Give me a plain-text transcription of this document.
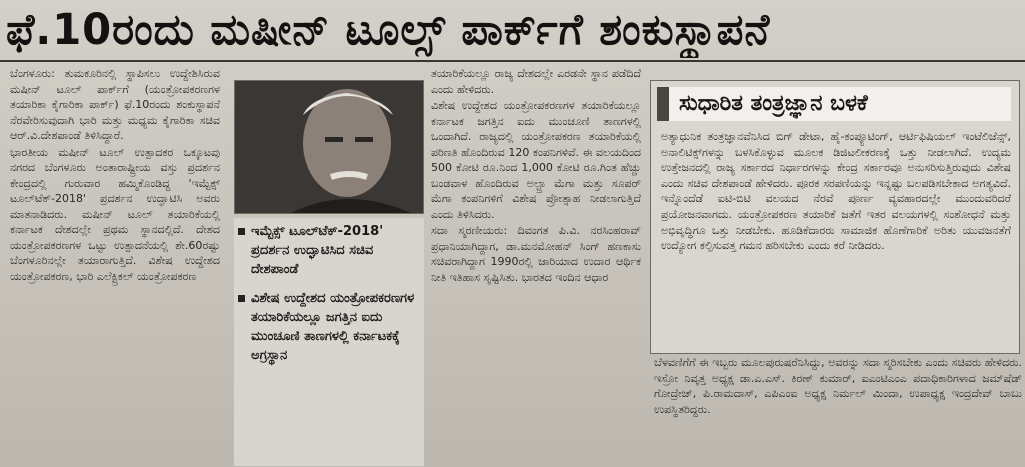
ಫೆ.10ರಂದು ಮಷೀನ್ ಟೂಲ್ಸ್ ಪಾರ್ಕ್‌ಗೆ ಶಂಕುಸ್ಥಾಪನೆ

ಬೆಂಗಳೂರು: ತುಮಕೂರಿನಲ್ಲಿ ಸ್ಥಾಪಿಸಲು ಉದ್ದೇಶಿಸಿರುವ ಮಷೀನ್ ಟೂಲ್ ಪಾರ್ಕ್‌ಗೆ (ಯಂತ್ರೋಪಕರಣಗಳ ತಯಾರಿಕಾ ಕೈಗಾರಿಕಾ ಪಾರ್ಕ್) ಫೆ.10ರಂದು ಶಂಕುಸ್ಥಾಪನೆ ನೆರವೇರಿಸುವುದಾಗಿ ಭಾರಿ ಮತ್ತು ಮಧ್ಯಮ ಕೈಗಾರಿಕಾ ಸಚಿವ ಆರ್.ವಿ.ದೇಶಪಾಂಡೆ ತಿಳಿಸಿದ್ದಾರೆ.

ಭಾರತೀಯ ಮಷೀನ್ ಟೂಲ್ ಉತ್ಪಾದಕರ ಒಕ್ಕೂಟವು ನಗರದ ಬೆಂಗಳೂರು ಅಂತಾರಾಷ್ಟ್ರೀಯ ವಸ್ತು ಪ್ರದರ್ಶನ ಕೇಂದ್ರದಲ್ಲಿ ಗುರುವಾರ ಹಮ್ಮಿಕೊಂಡಿದ್ದ 'ಇಮ್ಟೆಕ್ಸ್ ಟೂಲ್‌ಟೆಕ್-2018' ಪ್ರದರ್ಶನ ಉದ್ಘಾಟಿಸಿ ಅವರು ಮಾತನಾಡಿದರು. ಮಷೀನ್ ಟೂಲ್ ತಯಾರಿಕೆಯಲ್ಲಿ ಕರ್ನಾಟಕ ದೇಶದಲ್ಲೇ ಪ್ರಥಮ ಸ್ಥಾನದಲ್ಲಿದೆ. ದೇಶದ ಯಂತ್ರೋಪಕರಣಗಳ ಒಟ್ಟು ಉತ್ಪಾದನೆಯಲ್ಲಿ ಶೇ.60ರಷ್ಟು ಬೆಂಗಳೂರಿನಲ್ಲೇ ತಯಾರಾಗುತ್ತಿದೆ. ವಿಶೇಷ ಉದ್ದೇಶದ ಯಂತ್ರೋಪಕರಣ, ಭಾರಿ ಎಲೆಕ್ಟ್ರಿಕಲ್ ಯಂತ್ರೋಪಕರಣ

ಇಮ್ಟೆಕ್ಸ್ ಟೂಲ್‌ಟೆಕ್-2018' ಪ್ರದರ್ಶನ ಉದ್ಘಾಟಿಸಿದ ಸಚಿವ ದೇಶಪಾಂಡೆ
ವಿಶೇಷ ಉದ್ದೇಶದ ಯಂತ್ರೋಪಕರಣಗಳ ತಯಾರಿಕೆಯಲ್ಲೂ ಜಗತ್ತಿನ ಐದು ಮುಂಚೂಣಿ ತಾಣಗಳಲ್ಲಿ ಕರ್ನಾಟಕಕ್ಕೆ ಅಗ್ರಸ್ಥಾನ

ತಯಾರಿಕೆಯಲ್ಲೂ ರಾಜ್ಯ ದೇಶದಲ್ಲೇ ಎರಡನೇ ಸ್ಥಾನ ಪಡೆದಿದೆ ಎಂದು ಹೇಳಿದರು.

ವಿಶೇಷ ಉದ್ದೇಶದ ಯಂತ್ರೋಪಕರಣಗಳ ತಯಾರಿಕೆಯಲ್ಲೂ ಕರ್ನಾಟಕ ಜಗತ್ತಿನ ಐದು ಮುಂಚೂಣಿ ತಾಣಗಳಲ್ಲಿ ಒಂದಾಗಿದೆ. ರಾಜ್ಯದಲ್ಲಿ ಯಂತ್ರೋಪಕರಣ ತಯಾರಿಕೆಯಲ್ಲಿ ಪರಿಣತಿ ಹೊಂದಿರುವ 120 ಕಂಪನಿಗಳಿವೆ. ಈ ವಲಯದಿಂದ 500 ಕೋಟಿ ರೂ.ನಿಂದ 1,000 ಕೋಟಿ ರೂ.ಗಿಂತ ಹೆಚ್ಚು ಬಂಡವಾಳ ಹೊಂದಿರುವ ಅಲ್ಟ್ರಾ ಮೆಗಾ ಮತ್ತು ಸೂಪರ್ ಮೆಗಾ ಕಂಪನಿಗಳಿಗೆ ವಿಶೇಷ ಪ್ರೋತ್ಸಾಹ ನೀಡಲಾಗುತ್ತಿದೆ ಎಂದು ತಿಳಿಸಿದರು.

ಸದಾ ಸ್ಮರಣೀಯರು: ದಿವಂಗತ ಪಿ.ವಿ. ನರಸಿಂಹರಾವ್ ಪ್ರಧಾನಿಯಾಗಿದ್ದಾಗ, ಡಾ.ಮನಮೋಹನ್ ಸಿಂಗ್ ಹಣಕಾಸು ಸಚಿವರಾಗಿದ್ದಾಗ 1990ರಲ್ಲಿ ಜಾರಿಯಾದ ಉದಾರ ಆರ್ಥಿಕ ನೀತಿ ಇತಿಹಾಸ ಸೃಷ್ಟಿಸಿತು. ಭಾರತದ ಇಂದಿನ ಆಧಾರ

ಸುಧಾರಿತ ತಂತ್ರಜ್ಞಾನ ಬಳಕೆ

ಅತ್ಯಾಧುನಿಕ ತಂತ್ರಜ್ಞಾನವೆನಿಸಿದ ಬಿಗ್ ಡೇಟಾ, ಹೈ-ಕಂಪ್ಯೂಟಿಂಗ್, ಆರ್ಟಿಫಿಷಿಯಲ್ ಇಂಟೆಲಿಜೆನ್ಸ್, ಅನಾಲಿಟಿಕ್ಸ್‌ಗಳನ್ನು ಬಳಸಿಕೊಳ್ಳುವ ಮೂಲಕ ಡಿಜಿಟಲೀಕರಣಕ್ಕೆ ಒತ್ತು ನೀಡಲಾಗಿದೆ. ಉದ್ಯಮ ಉತ್ತೇಜನದಲ್ಲಿ ರಾಜ್ಯ ಸರ್ಕಾರದ ನಿರ್ಧಾರಗಳನ್ನು ಕೇಂದ್ರ ಸರ್ಕಾರವೂ ಅನುಸರಿಸುತ್ತಿರುವುದು ವಿಶೇಷ ಎಂದು ಸಚಿವ ದೇಶಪಾಂಡೆ ಹೇಳಿದರು. ಪೂರಕ ಸರಪಣಿಯನ್ನು ಇನ್ನಷ್ಟು ಬಲಪಡಿಸಬೇಕಾದ ಅಗತ್ಯವಿದೆ. ಇನ್ನೊಂದೆಡೆ ಐಟಿ-ಬಿಟಿ ವಲಯದ ನೆರವೆ ಪೂರ್ಣ ವ್ಯವಹಾರದಲ್ಲೇ ಮುಂದುವರಿದರೆ ಪ್ರಯೋಜನವಾಗದು. ಯಂತ್ರೋಪಕರಣ ತಯಾರಿಕೆ ಜತೆಗೆ ಇತರ ವಲಯಗಳಲ್ಲಿ ಸಂಶೋಧನೆ ಮತ್ತು ಅಭಿವೃದ್ಧಿಗೂ ಒತ್ತು ನೀಡಬೇಕು. ಹೂಡಿಕೆದಾರರು ಸಾಮಾಜಿಕ ಹೊಣೆಗಾರಿಕೆ ಅರಿತು ಯುವಜನತೆಗೆ ಉದ್ಯೋಗ ಕಲ್ಪಿಸುವತ್ತ ಗಮನ ಹರಿಸಬೇಕು ಎಂದು ಕರೆ ನೀಡಿದರು.

ಬೆಳವಣಿಗೆಗೆ ಈ ಇಬ್ಬರು ಮೂಲಪುರುಷರೆನಿಸಿದ್ದು, ಅವರನ್ನು ಸದಾ ಸ್ಮರಿಸಬೇಕು ಎಂದು ಸಚಿವರು ಹೇಳಿದರು. ಇಸ್ರೋ ನಿವೃತ್ತ ಅಧ್ಯಕ್ಷ ಡಾ.ಎ.ಎಸ್. ಕಿರಣ್ ಕುಮಾರ್, ಐಎಂಟಿಎಂಎ ಪದಾಧಿಕಾರಿಗಳಾದ ಜಮ್‌ಷೆಡ್ ಗೋದ್ರೇಜ್, ಪಿ.ರಾಮದಾಸ್, ಎಪಿಎಂಐ ಅಧ್ಯಕ್ಷ ನಿರ್ಮಲ್ ಮಿಂದಾ, ಉಪಾಧ್ಯಕ್ಷ ಇಂದ್ರದೇವ್ ಬಾಬು ಉಪಸ್ಥಿತರಿದ್ದರು.
